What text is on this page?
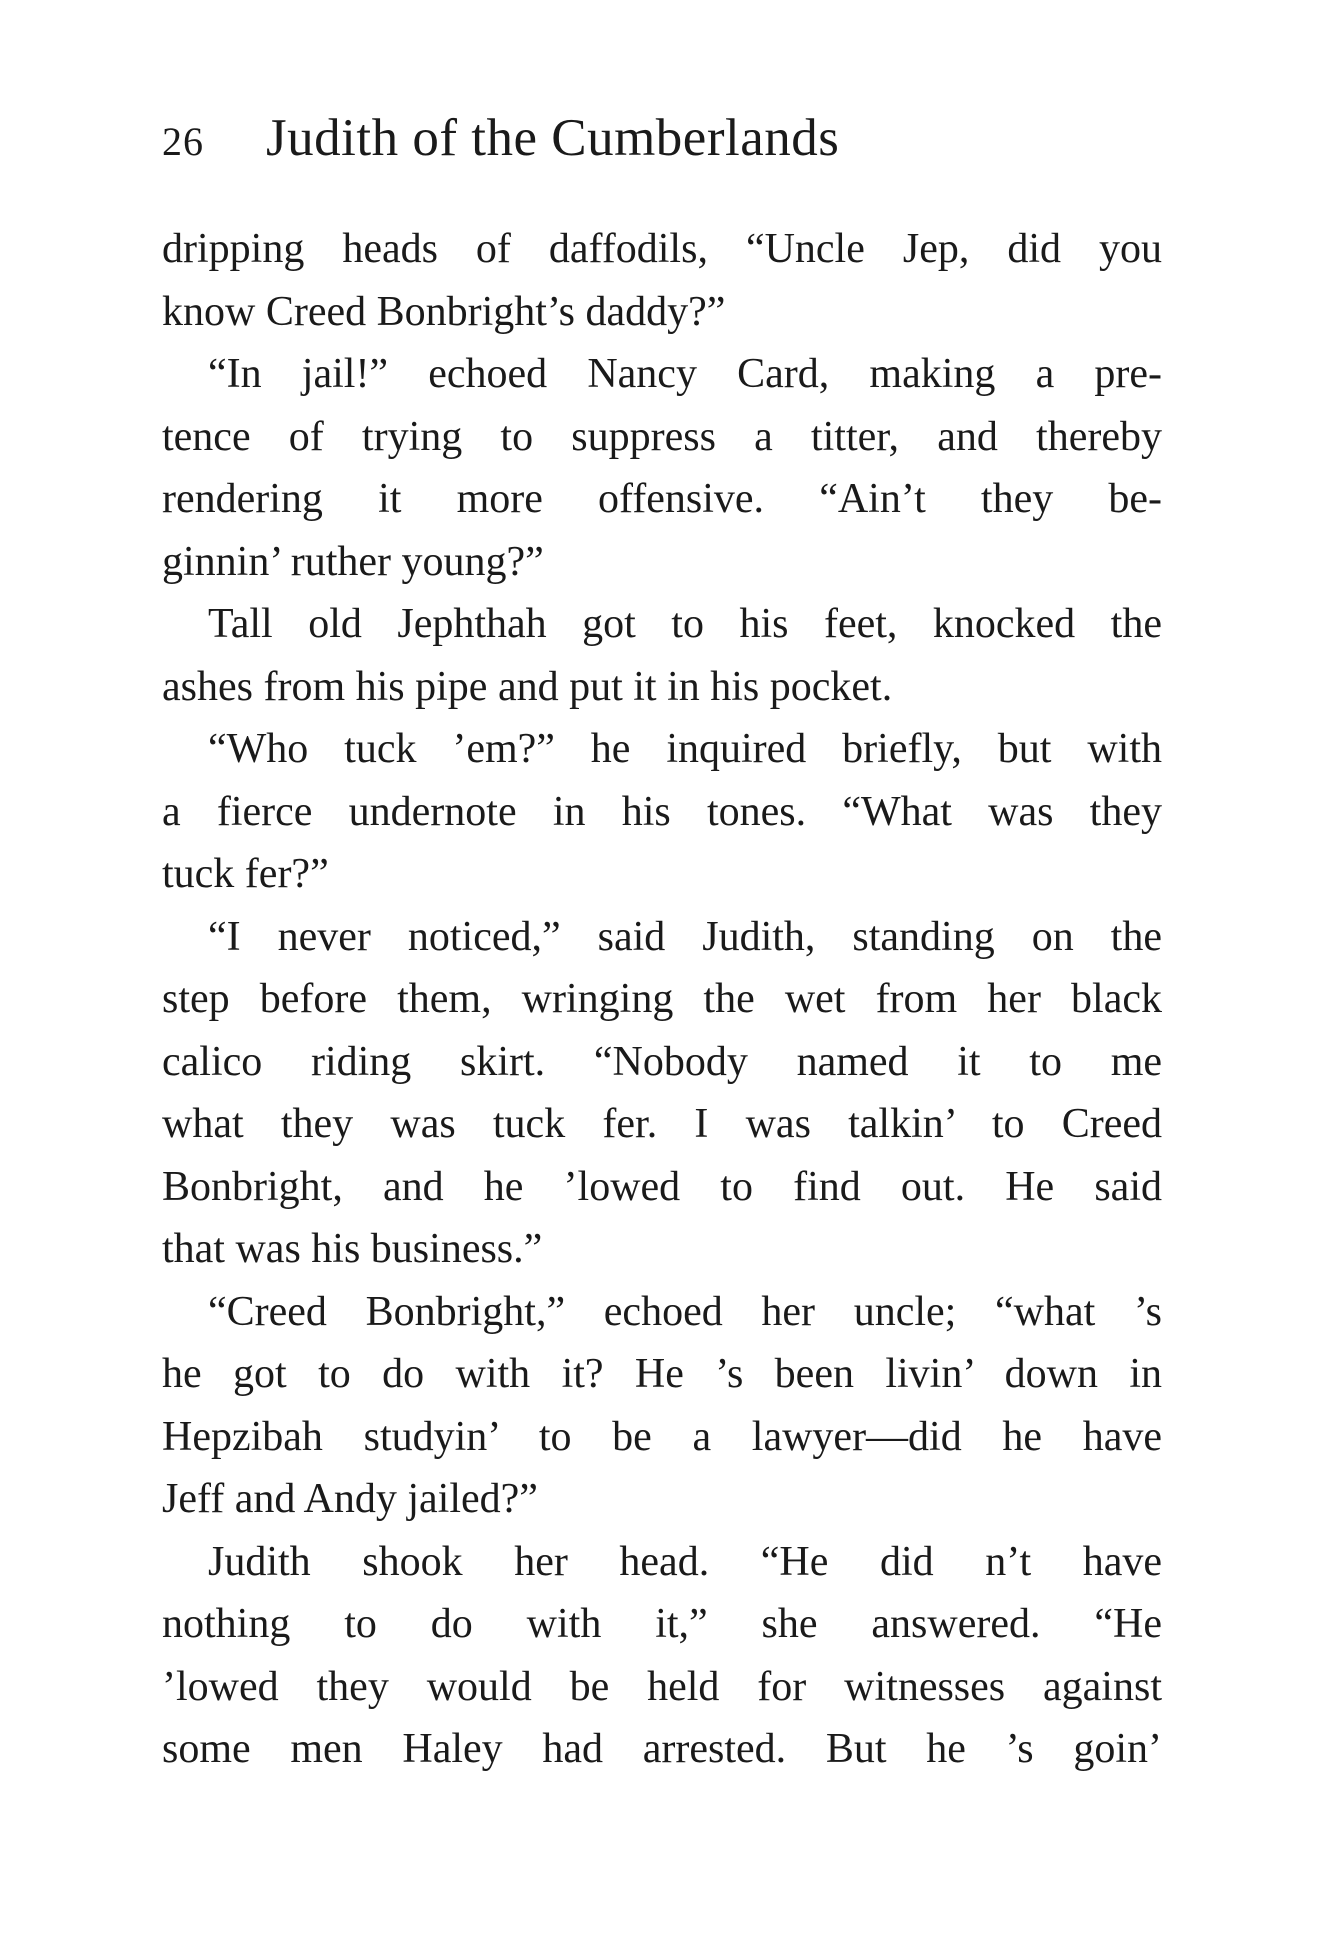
26 Judith of the Cumberlands
dripping heads of daffodils, “Uncle Jep, did you
know Creed Bonbright’s daddy?”
“In jail!” echoed Nancy Card, making a pre-
tence of trying to suppress a titter, and thereby
rendering it more offensive. “Ain’t they be-
ginnin’ ruther young?”
Tall old Jephthah got to his feet, knocked the
ashes from his pipe and put it in his pocket.
“Who tuck ’em?” he inquired briefly, but with
a fierce undernote in his tones. “What was they
tuck fer?”
“I never noticed,” said Judith, standing on the
step before them, wringing the wet from her black
calico riding skirt. “Nobody named it to me
what they was tuck fer. I was talkin’ to Creed
Bonbright, and he ’lowed to find out. He said
that was his business.”
“Creed Bonbright,” echoed her uncle; “what ’s
he got to do with it? He ’s been livin’ down in
Hepzibah studyin’ to be a lawyer—did he have
Jeff and Andy jailed?”
Judith shook her head. “He did n’t have
nothing to do with it,” she answered. “He
’lowed they would be held for witnesses against
some men Haley had arrested. But he ’s goin’
